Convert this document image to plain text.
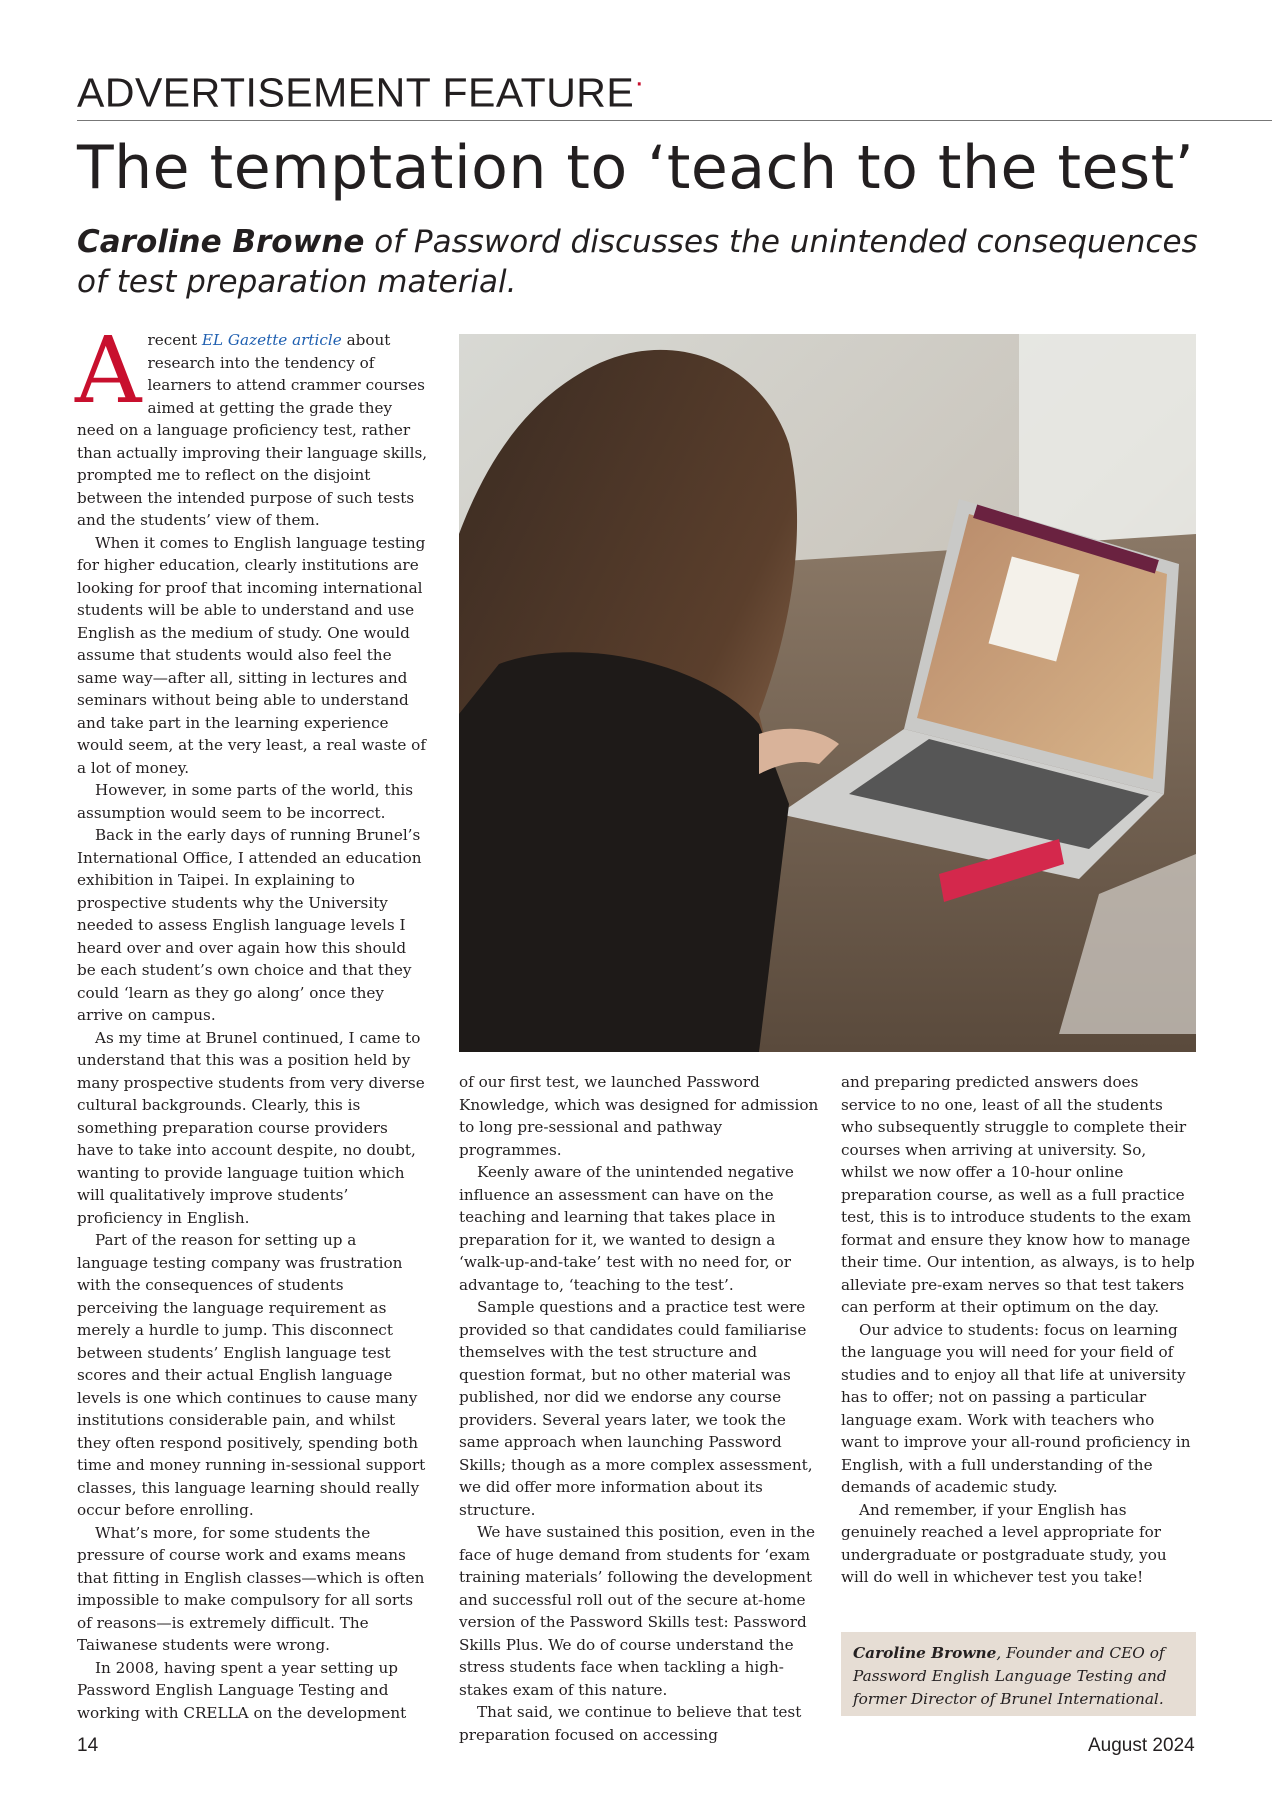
ADVERTISEMENT FEATURE·
The temptation to ‘teach to the test’
Caroline Browne of Password discusses the unintended consequences of test preparation material.

A recent EL Gazette article about research into the tendency of learners to attend crammer courses aimed at getting the grade they need on a language proficiency test, rather than actually improving their language skills, prompted me to reflect on the disjoint between the intended purpose of such tests and the students’ view of them.

When it comes to English language testing for higher education, clearly institutions are looking for proof that incoming international students will be able to understand and use English as the medium of study. One would assume that students would also feel the same way—after all, sitting in lectures and seminars without being able to understand and take part in the learning experience would seem, at the very least, a real waste of a lot of money.

However, in some parts of the world, this assumption would seem to be incorrect.

Back in the early days of running Brunel’s International Office, I attended an education exhibition in Taipei. In explaining to prospective students why the University needed to assess English language levels I heard over and over again how this should be each student’s own choice and that they could ‘learn as they go along’ once they arrive on campus.

As my time at Brunel continued, I came to understand that this was a position held by many prospective students from very diverse cultural backgrounds. Clearly, this is something preparation course providers have to take into account despite, no doubt, wanting to provide language tuition which will qualitatively improve students’ proficiency in English.

Part of the reason for setting up a language testing company was frustration with the consequences of students perceiving the language requirement as merely a hurdle to jump. This disconnect between students’ English language test scores and their actual English language levels is one which continues to cause many institutions considerable pain, and whilst they often respond positively, spending both time and money running in-sessional support classes, this language learning should really occur before enrolling.

What’s more, for some students the pressure of course work and exams means that fitting in English classes—which is often impossible to make compulsory for all sorts of reasons—is extremely difficult. The Taiwanese students were wrong.

In 2008, having spent a year setting up Password English Language Testing and working with CRELLA on the development

of our first test, we launched Password Knowledge, which was designed for admission to long pre-sessional and pathway programmes.

Keenly aware of the unintended negative influence an assessment can have on the teaching and learning that takes place in preparation for it, we wanted to design a ‘walk-up-and-take’ test with no need for, or advantage to, ‘teaching to the test’.

Sample questions and a practice test were provided so that candidates could familiarise themselves with the test structure and question format, but no other material was published, nor did we endorse any course providers. Several years later, we took the same approach when launching Password Skills; though as a more complex assessment, we did offer more information about its structure.

We have sustained this position, even in the face of huge demand from students for ‘exam training materials’ following the development and successful roll out of the secure at-home version of the Password Skills test: Password Skills Plus. We do of course understand the stress students face when tackling a high-stakes exam of this nature.

That said, we continue to believe that test preparation focused on accessing

and preparing predicted answers does service to no one, least of all the students who subsequently struggle to complete their courses when arriving at university. So, whilst we now offer a 10-hour online preparation course, as well as a full practice test, this is to introduce students to the exam format and ensure they know how to manage their time. Our intention, as always, is to help alleviate pre-exam nerves so that test takers can perform at their optimum on the day.

Our advice to students: focus on learning the language you will need for your field of studies and to enjoy all that life at university has to offer; not on passing a particular language exam. Work with teachers who want to improve your all-round proficiency in English, with a full understanding of the demands of academic study.

And remember, if your English has genuinely reached a level appropriate for undergraduate or postgraduate study, you will do well in whichever test you take!

Caroline Browne, Founder and CEO of Password English Language Testing and former Director of Brunel International.
14	August 2024
